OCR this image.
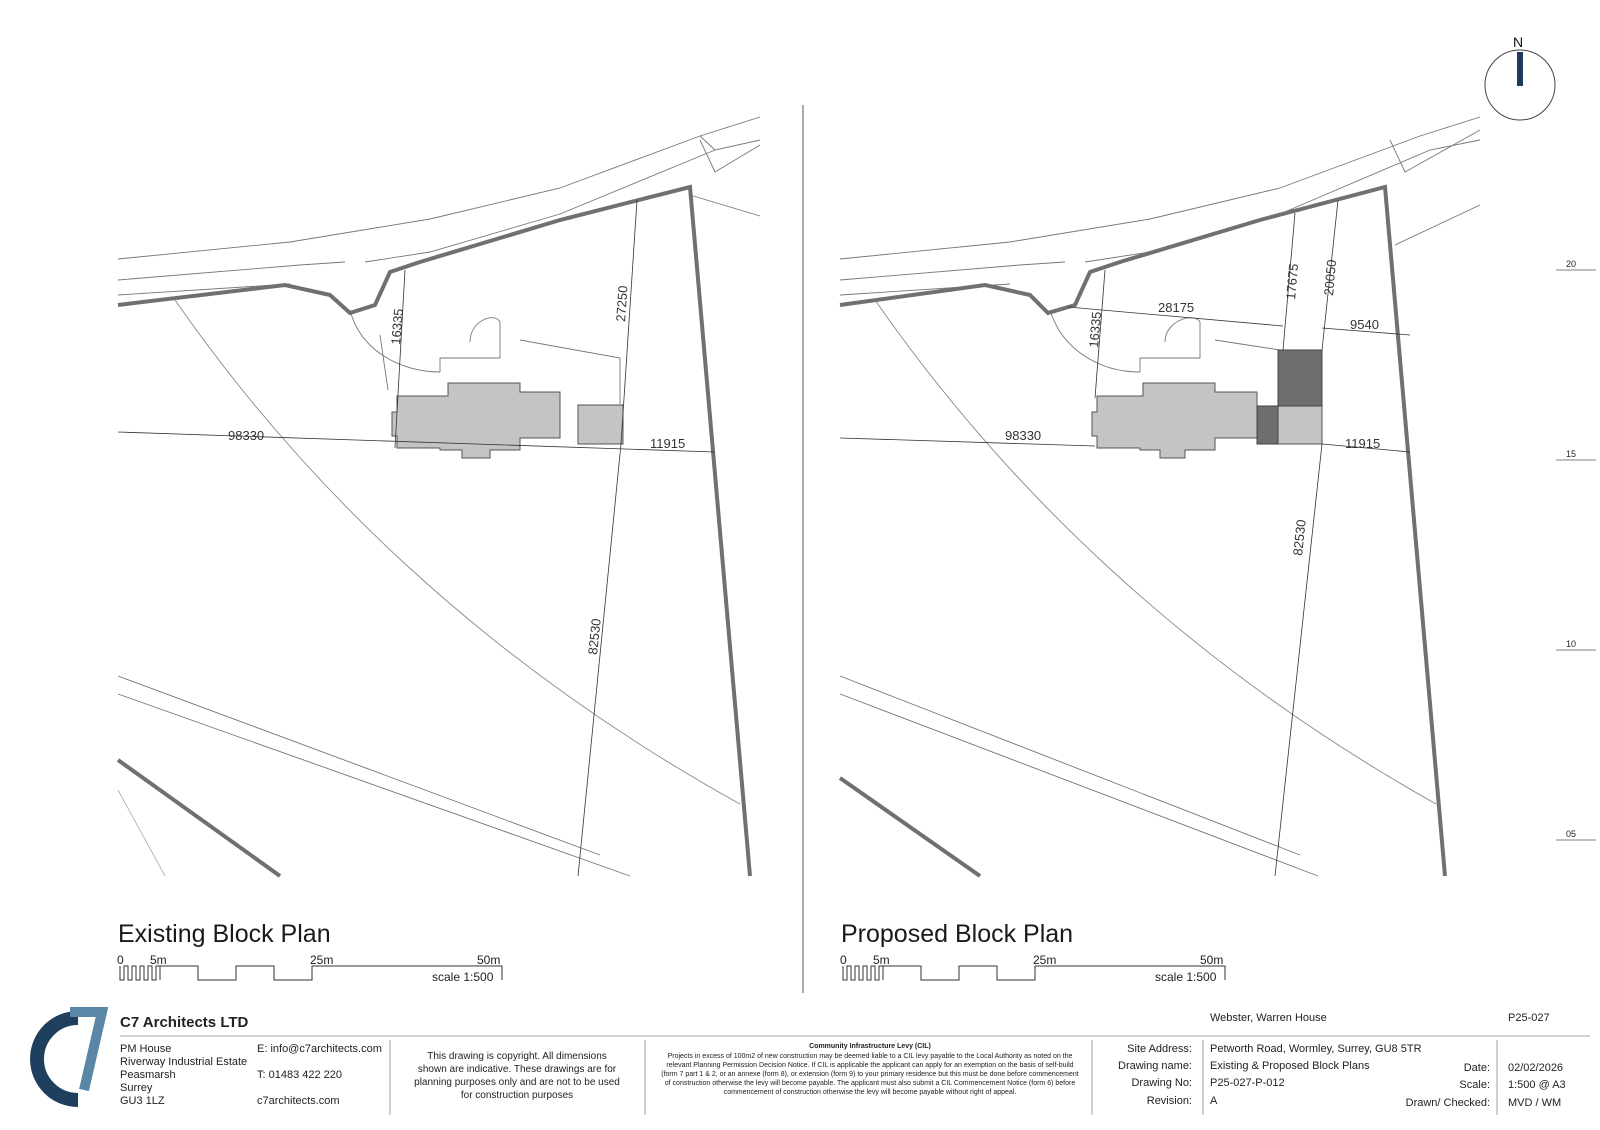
16335
27250
98330
11915
82530
16335
28175
17675 20050
9540
98330
11915
82530
N
20
15
10
05
Existing Block Plan	Proposed Block Plan
0 5m	25m	50m
scale 1:500
0 5m	25m	50m
scale 1:500
C7 Architects LTD
PM House
Riverway Industrial Estate
Peasmarsh
Surrey
GU3 1LZ
E: info@c7architects.com
T: 01483 422 220
c7architects.com
This drawing is copyright. All dimensions shown are indicative. These drawings are for planning purposes only and are not to be used for construction purposes
Community Infrastructure Levy (CIL)
Projects in excess of 100m2 of new construction may be deemed liable to a CIL levy payable to the Local Authority as noted on the relevant Planning Permission Decision Notice. If CIL is applicable the applicant can apply for an exemption on the basis of self-build (form 7 part 1 & 2, or an annexe (form 8), or extension (form 9) to your primary residence but this must be done before commencement of construction otherwise the levy will become payable. The applicant must also submit a CIL Commencement Notice (form 6) before commencement of construction otherwise the levy will become payable without right of appeal.
Webster, Warren House	P25-027
Site Address: Petworth Road, Wormley, Surrey, GU8 5TR
Drawing name: Existing & Proposed Block Plans
Drawing No: P25-027-P-012
Revision: A
Date: 02/02/2026
Scale: 1:500 @ A3
Drawn/ Checked: MVD / WM
